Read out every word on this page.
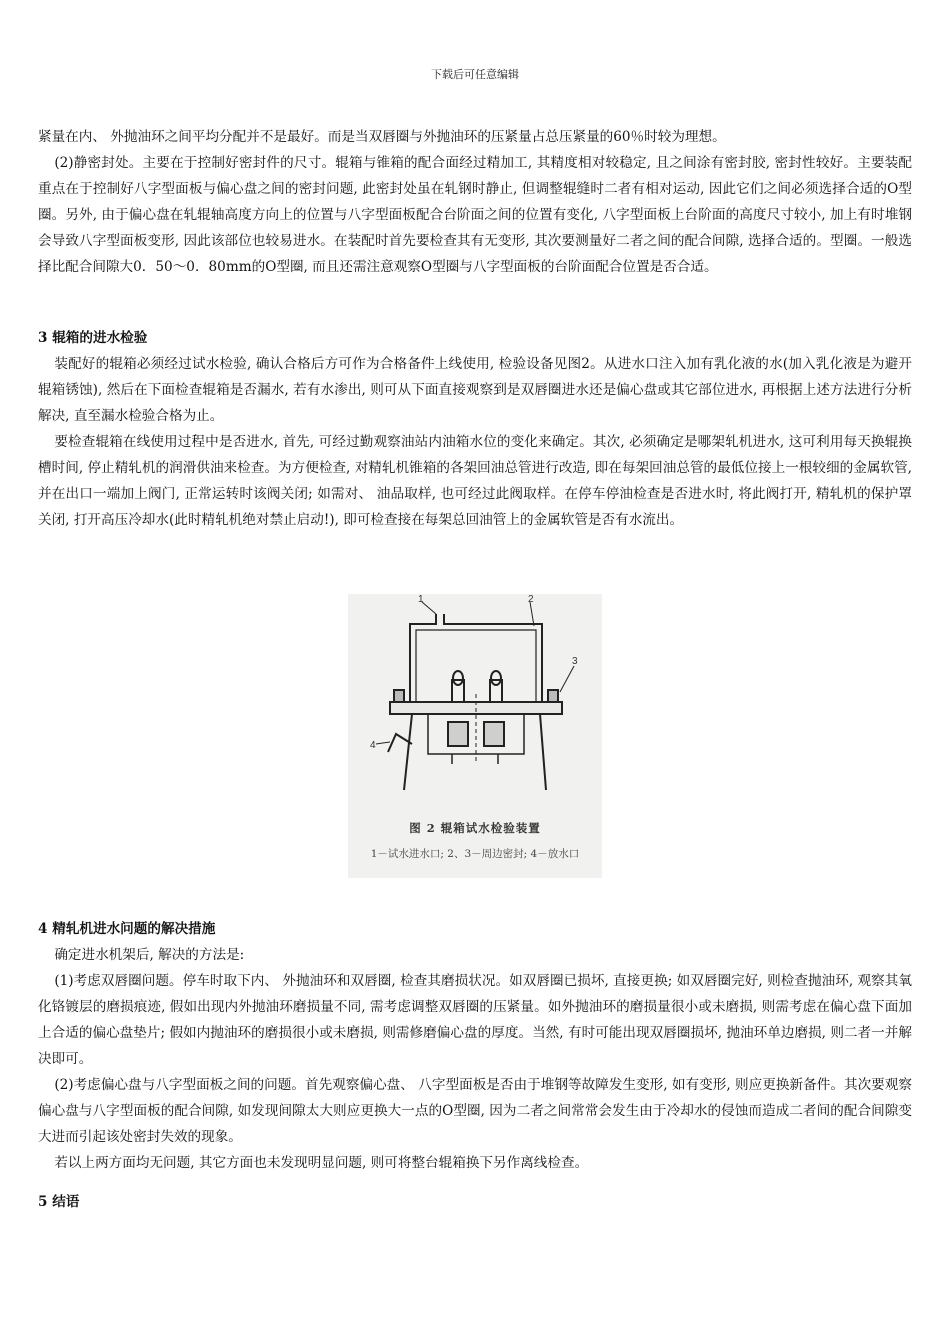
下载后可任意编辑

紧量在内、 外抛油环之间平均分配并不是最好。而是当双唇圈与外抛油环的压紧量占总压紧量的60％时较为理想。

(2)静密封处。主要在于控制好密封件的尺寸。辊箱与锥箱的配合面经过精加工, 其精度相对较稳定, 且之间涂有密封胶, 密封性较好。主要装配重点在于控制好八字型面板与偏心盘之间的密封问题, 此密封处虽在轧钢时静止, 但调整辊缝时二者有相对运动, 因此它们之间必须选择合适的O型圈。另外, 由于偏心盘在轧辊轴高度方向上的位置与八字型面板配合台阶面之间的位置有变化, 八字型面板上台阶面的高度尺寸较小, 加上有时堆钢会导致八字型面板变形, 因此该部位也较易进水。在装配时首先要检查其有无变形, 其次要测量好二者之间的配合间隙, 选择合适的。型圈。一般选择比配合间隙大0．50～0．80mm的O型圈, 而且还需注意观察O型圈与八字型面板的台阶面配合位置是否合适。

3 辊箱的进水检验

装配好的辊箱必须经过试水检验, 确认合格后方可作为合格备件上线使用, 检验设备见图2。从进水口注入加有乳化液的水(加入乳化液是为避开辊箱锈蚀), 然后在下面检查辊箱是否漏水, 若有水渗出, 则可从下面直接观察到是双唇圈进水还是偏心盘或其它部位进水, 再根据上述方法进行分析解决, 直至漏水检验合格为止。

要检查辊箱在线使用过程中是否进水, 首先, 可经过勤观察油站内油箱水位的变化来确定。其次, 必须确定是哪架轧机进水, 这可利用每天换辊换槽时间, 停止精轧机的润滑供油来检查。为方便检查, 对精轧机锥箱的各架回油总管进行改造, 即在每架回油总管的最低位接上一根较细的金属软管, 并在出口一端加上阀门, 正常运转时该阀关闭; 如需对、 油品取样, 也可经过此阀取样。在停车停油检查是否进水时, 将此阀打开, 精轧机的保护罩关闭, 打开高压冷却水(此时精轧机绝对禁止启动!), 即可检查接在每架总回油管上的金属软管是否有水流出。

1	2
3
4
图 2 辊箱试水检验装置
1－试水进水口; 2、3－周边密封; 4－放水口

4 精轧机进水问题的解决措施

确定进水机架后, 解决的方法是:

(1)考虑双唇圈问题。停车时取下内、 外抛油环和双唇圈, 检查其磨损状况。如双唇圈已损坏, 直接更换; 如双唇圈完好, 则检查抛油环, 观察其氧化铬镀层的磨损痕迹, 假如出现内外抛油环磨损量不同, 需考虑调整双唇圈的压紧量。如外抛油环的磨损量很小或未磨损, 则需考虑在偏心盘下面加上合适的偏心盘垫片; 假如内抛油环的磨损很小或未磨损, 则需修磨偏心盘的厚度。当然, 有时可能出现双唇圈损坏, 抛油环单边磨损, 则二者一并解决即可。

(2)考虑偏心盘与八字型面板之间的问题。首先观察偏心盘、 八字型面板是否由于堆钢等故障发生变形, 如有变形, 则应更换新备件。其次要观察偏心盘与八字型面板的配合间隙, 如发现间隙太大则应更换大一点的O型圈, 因为二者之间常常会发生由于冷却水的侵蚀而造成二者间的配合间隙变大进而引起该处密封失效的现象。

若以上两方面均无问题, 其它方面也未发现明显问题, 则可将整台辊箱换下另作离线检查。

5 结语
